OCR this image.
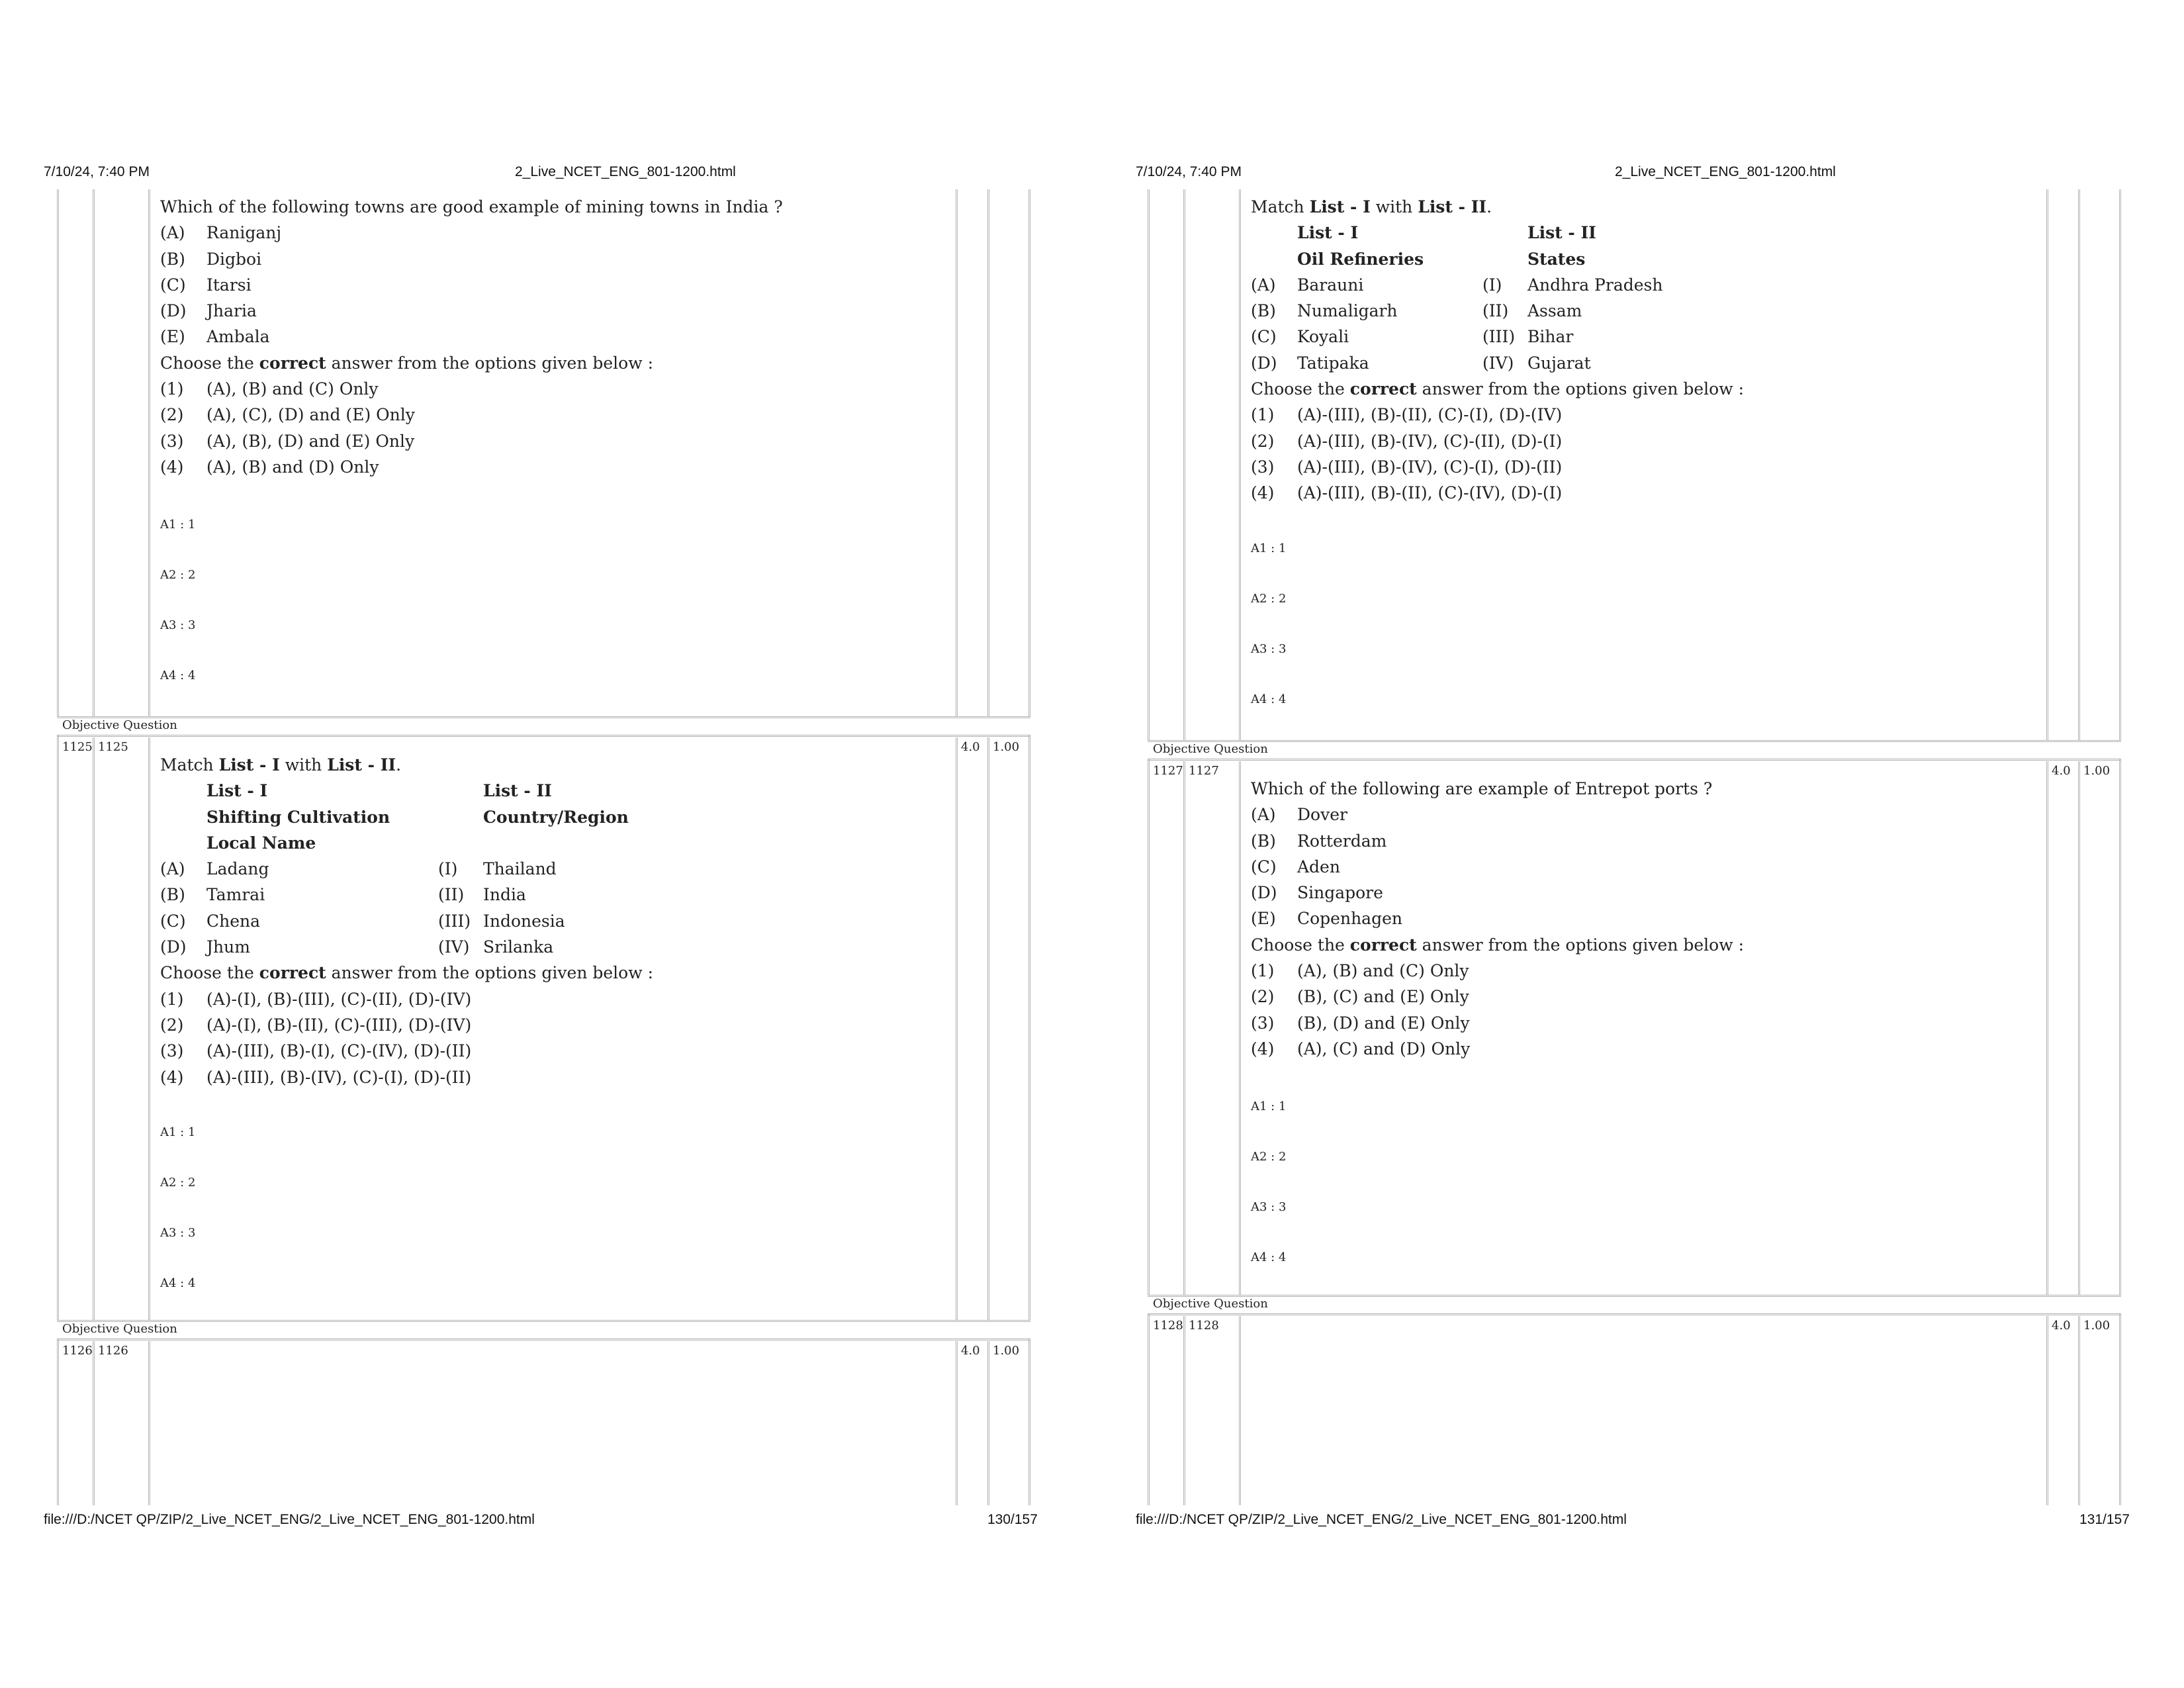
7/10/24, 7:40 PM	2_Live_NCET_ENG_801-1200.html
Objective Question
1125 1125	4.0 1.00
Objective Question
1126 1126	4.0 1.00
Which of the following towns are good example of mining towns in India ?
(A) Raniganj
(B) Digboi
(C) Itarsi
(D) Jharia
(E) Ambala
Choose the correct answer from the options given below :
(1) (A), (B) and (C) Only
(2) (A), (C), (D) and (E) Only
(3) (A), (B), (D) and (E) Only
(4) (A), (B) and (D) Only
A1 : 1
A2 : 2
A3 : 3
A4 : 4
Match List - I with List - II.
List - I	List - II
Shifting Cultivation	Country/Region
Local Name
(A) Ladang	(I) Thailand
(B) Tamrai	(II) India
(C) Chena	(III) Indonesia
(D) Jhum	(IV) Srilanka
Choose the correct answer from the options given below :
(1) (A)-(I), (B)-(III), (C)-(II), (D)-(IV)
(2) (A)-(I), (B)-(II), (C)-(III), (D)-(IV)
(3) (A)-(III), (B)-(I), (C)-(IV), (D)-(II)
(4) (A)-(III), (B)-(IV), (C)-(I), (D)-(II)
A1 : 1
A2 : 2
A3 : 3
A4 : 4
file:///D:/NCET QP/ZIP/2_Live_NCET_ENG/2_Live_NCET_ENG_801-1200.html	130/157
7/10/24, 7:40 PM	2_Live_NCET_ENG_801-1200.html
Objective Question
1127 1127	4.0 1.00
Objective Question
1128 1128	4.0 1.00
Match List - I with List - II.
List - I	List - II
Oil Refineries	States
(A) Barauni	(I) Andhra Pradesh
(B) Numaligarh	(II) Assam
(C) Koyali	(III) Bihar
(D) Tatipaka	(IV) Gujarat
Choose the correct answer from the options given below :
(1) (A)-(III), (B)-(II), (C)-(I), (D)-(IV)
(2) (A)-(III), (B)-(IV), (C)-(II), (D)-(I)
(3) (A)-(III), (B)-(IV), (C)-(I), (D)-(II)
(4) (A)-(III), (B)-(II), (C)-(IV), (D)-(I)
A1 : 1
A2 : 2
A3 : 3
A4 : 4
Which of the following are example of Entrepot ports ?
(A) Dover
(B) Rotterdam
(C) Aden
(D) Singapore
(E) Copenhagen
Choose the correct answer from the options given below :
(1) (A), (B) and (C) Only
(2) (B), (C) and (E) Only
(3) (B), (D) and (E) Only
(4) (A), (C) and (D) Only
A1 : 1
A2 : 2
A3 : 3
A4 : 4
file:///D:/NCET QP/ZIP/2_Live_NCET_ENG/2_Live_NCET_ENG_801-1200.html	131/157
